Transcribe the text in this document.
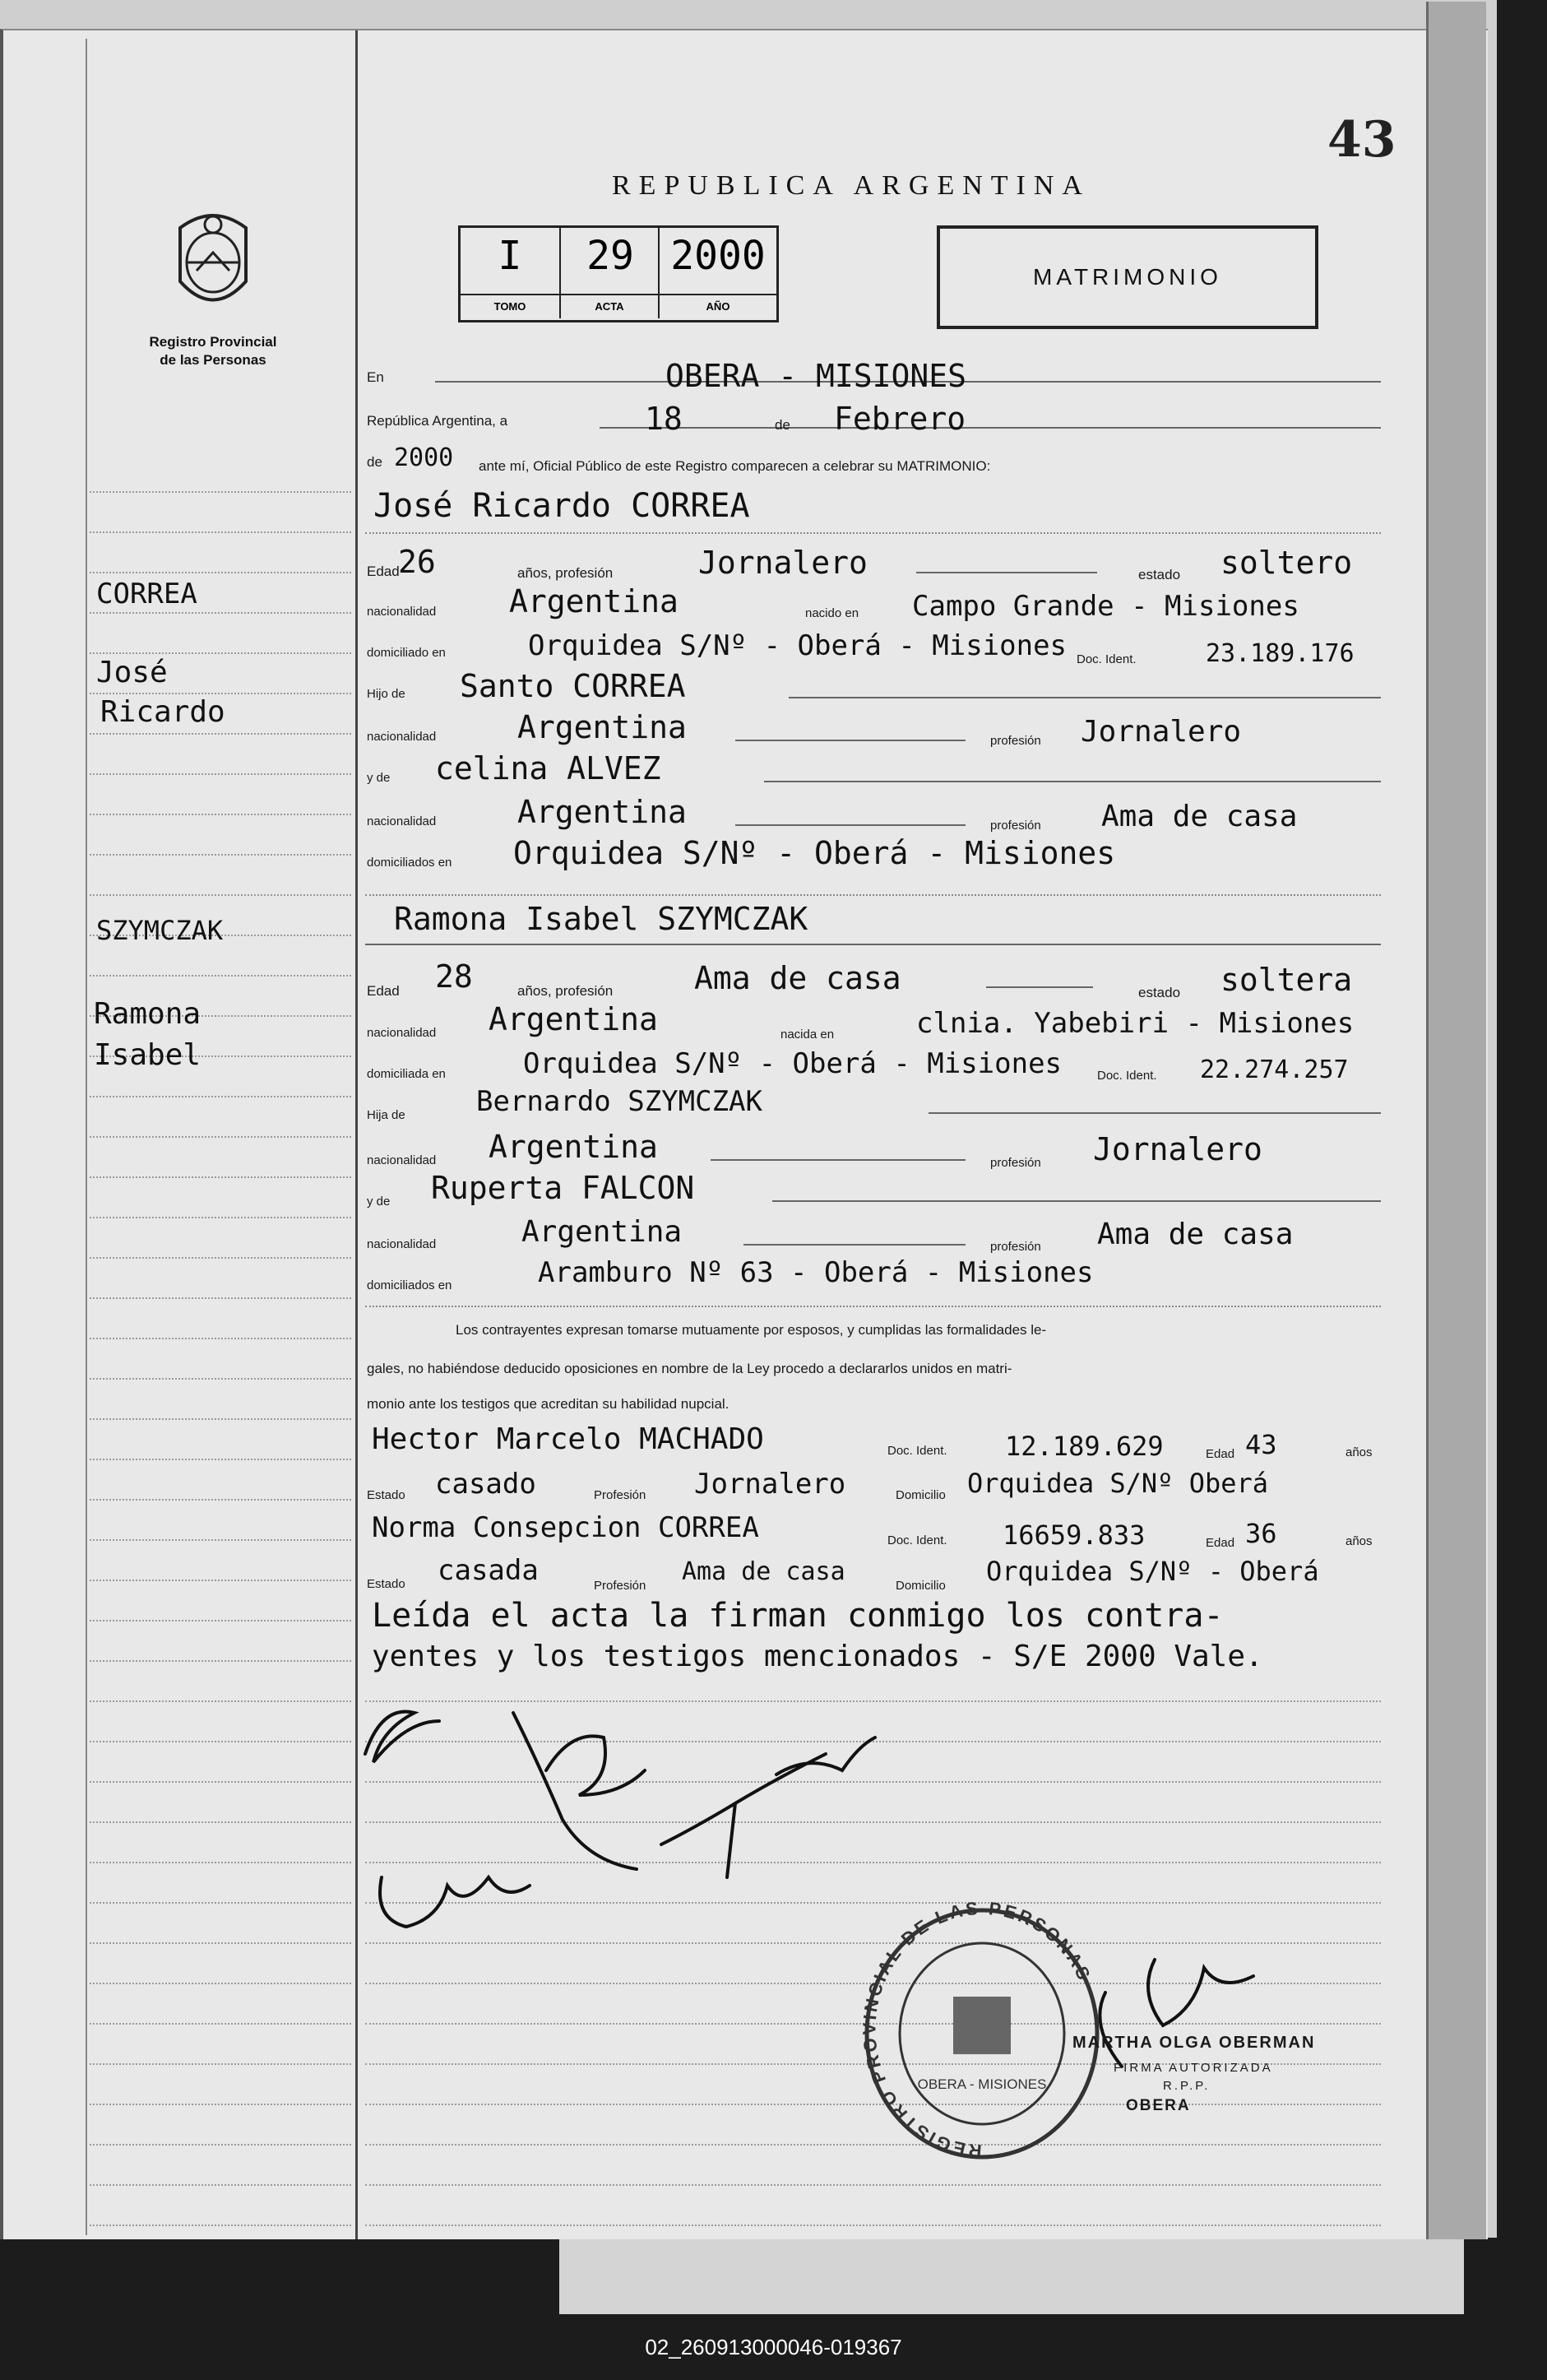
43
REPUBLICA ARGENTINA
Registro Provincial
de las Personas
I	29 2000
TOMO	ACTA	AÑO
MATRIMONIO
En	OBERA - MISIONES
República Argentina, a	18	de Febrero
de 2000 ante mí, Oficial Público de este Registro comparecen a celebrar su MATRIMONIO:
José Ricardo CORREA
CORREA
José
Ricardo
Edad
26	años, profesión	Jornalero	estado soltero
nacionalidad Argentina	nacido en Campo Grande - Misiones
domiciliado en	Orquidea S/Nº - Oberá - Misiones Doc. Ident.	23.189.176
Hijo de Santo CORREA
nacionalidad	Argentina	profesión Jornalero
y de celina ALVEZ
nacionalidad	Argentina	profesión Ama de casa
domiciliados en Orquidea S/Nº - Oberá - Misiones
Ramona Isabel SZYMCZAK
SZYMCZAK
Ramona
Isabel
Edad 28	años, profesión	Ama de casa	estado soltera
nacionalidad Argentina	nacida en	clnia. Yabebiri - Misiones
domiciliada en	Orquidea S/Nº - Oberá - Misiones	Doc. Ident. 22.274.257
Hija de	Bernardo SZYMCZAK
nacionalidad Argentina	profesión Jornalero
y de Ruperta FALCON
nacionalidad	Argentina	profesión Ama de casa
domiciliados en	Aramburo Nº 63 - Oberá - Misiones
Los contrayentes expresan tomarse mutuamente por esposos, y cumplidas las formalidades le-
gales, no habiéndose deducido oposiciones en nombre de la Ley procedo a declararlos unidos en matri-
monio ante los testigos que acreditan su habilidad nupcial.
Hector Marcelo MACHADO	Doc. Ident. 12.189.629	Edad 43	años
Estado casado	Profesión Jornalero	Domicilio Orquidea S/Nº Oberá
Norma Consepcion CORREA	Doc. Ident. 16659.833	Edad 36	años
Estado casada	Profesión Ama de casa	Domicilio Orquidea S/Nº - Oberá
Leída el acta la firman conmigo los contra-
yentes y los testigos mencionados - S/E 2000 Vale.
REGISTRO PROVINCIAL DE LAS PERSONAS
OBERA - MISIONES
MARTHA OLGA OBERMAN
FIRMA AUTORIZADA
R.P.P.
OBERA
02_260913000046-019367
